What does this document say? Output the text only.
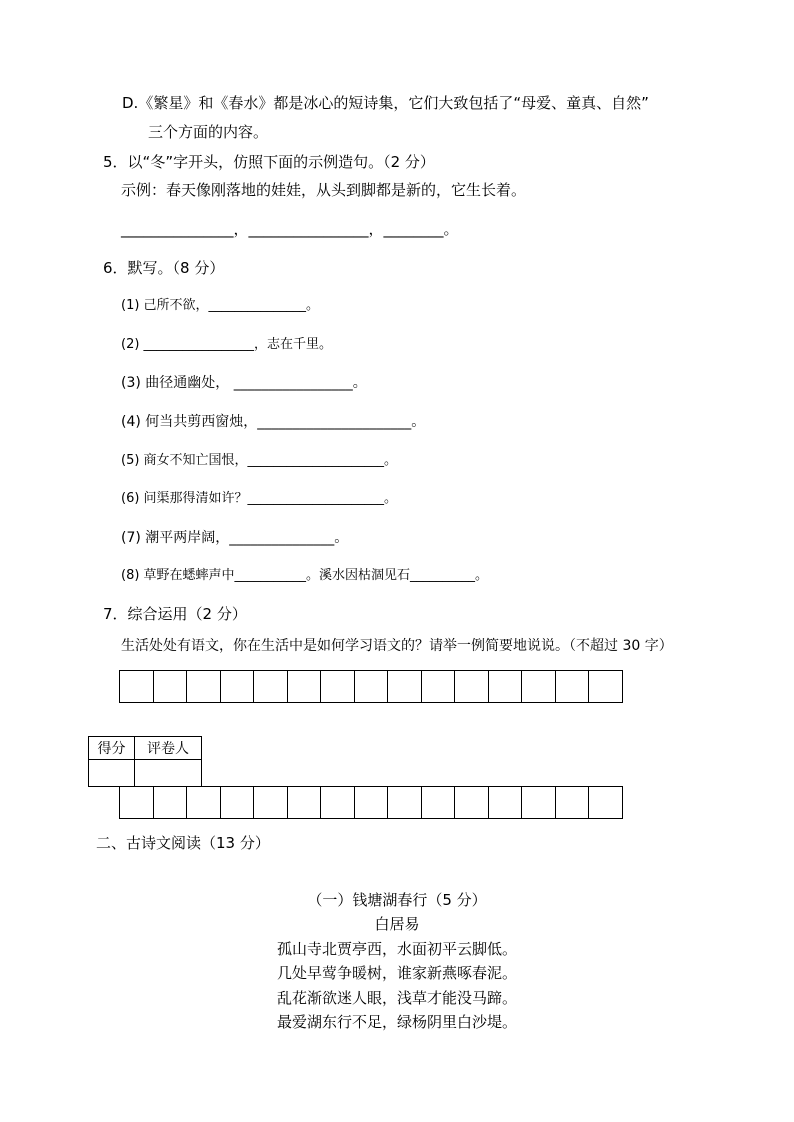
D.《繁星》和《春水》都是冰心的短诗集，它们大致包括了“母爱、童真、自然”
三个方面的内容。
5．以“冬”字开头，仿照下面的示例造句。（2 分）
示例：春天像刚落地的娃娃，从头到脚都是新的，它生长着。
_______________，________________，________。
6．默写。（8 分）
(1) 己所不欲，_______________。
(2) _________________，志在千里。
(3) 曲径通幽处， _________________。
(4) 何当共剪西窗烛，______________________。
(5) 商女不知亡国恨，_____________________。
(6) 问渠那得清如许？_____________________。
(7) 潮平两岸阔，_______________。
(8) 草野在蟋蟀声中___________。溪水因枯涸见石__________。
7．综合运用（2 分）
生活处处有语文，你在生活中是如何学习语文的？请举一例简要地说说。（不超过 30 字）
得分	评卷人

二、古诗文阅读（13 分）
（一）钱塘湖春行（5 分）
白居易
孤山寺北贾亭西，水面初平云脚低。
几处早莺争暖树，谁家新燕啄春泥。
乱花渐欲迷人眼，浅草才能没马蹄。
最爱湖东行不足，绿杨阴里白沙堤。
